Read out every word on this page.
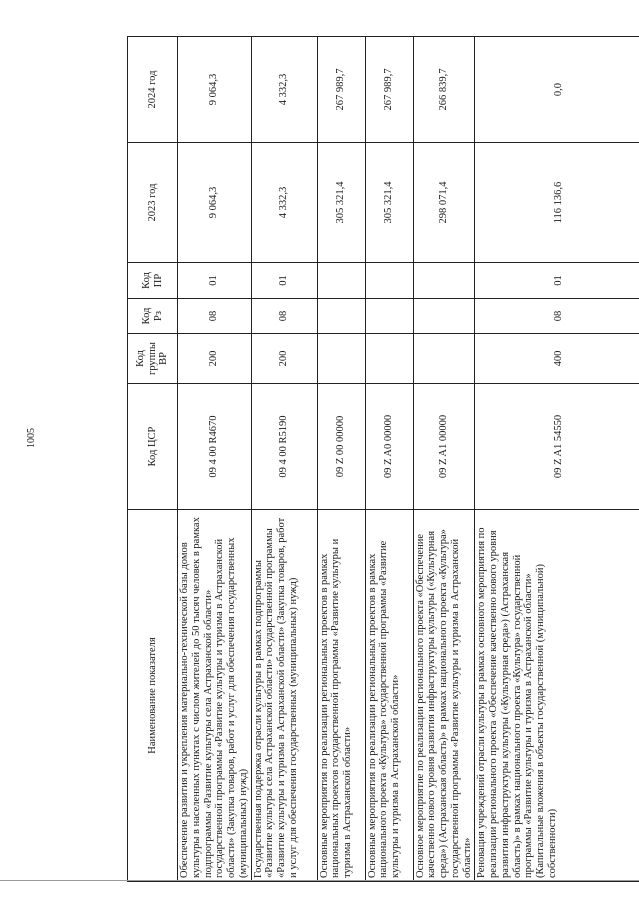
1005
Наименование показателя	Код ЦСР	Код группы ВР	Код Рз	Код ПР	2023 год	2024 год
Обеспечение развития и укрепления материально-технической базы домов культуры в населенных пунктах с числом жителей до 50 тысяч человек в рамках подпрограммы «Развитие культуры села Астраханской области» государственной программы «Развитие культуры и туризма в Астраханской области» (Закупка товаров, работ и услуг для обеспечения государственных (муниципальных) нужд)	09 4 00 R4670	200	08	01	9 064,3	9 064,3
Государственная поддержка отрасли культуры в рамках подпрограммы «Развитие культуры села Астраханской области» государственной программы «Развитие культуры и туризма в Астраханской области» (Закупка товаров, работ и услуг для обеспечения государственных (муниципальных) нужд)	09 4 00 R5190	200	08	01	4 332,3	4 332,3
Основные мероприятия по реализации региональных проектов в рамках национальных проектов государственной программы «Развитие культуры и туризма в Астраханской области»	09 Z 00 00000				305 321,4	267 989,7
Основные мероприятия по реализации региональных проектов в рамках национального проекта «Культура» государственной программы «Развитие культуры и туризма в Астраханской области»	09 Z A0 00000				305 321,4	267 989,7
Основное мероприятие по реализации регионального проекта «Обеспечение качественно нового уровня развития инфраструктуры культуры («Культурная среда») (Астраханская область)» в рамках национального проекта «Культура» государственной программы «Развитие культуры и туризма в Астраханской области»	09 Z A1 00000				298 071,4	266 839,7
Реновация учреждений отрасли культуры в рамках основного мероприятия по реализации регионального проекта «Обеспечение качественно нового уровня развития инфраструктуры культуры («Культурная среда») (Астраханская область)» в рамках национального проекта «Культура» государственной программы «Развитие культуры и туризма в Астраханской области» (Капитальные вложения в объекты государственной (муниципальной) собственности)	09 Z A1 54550	400	08	01	116 136,6	0,0
